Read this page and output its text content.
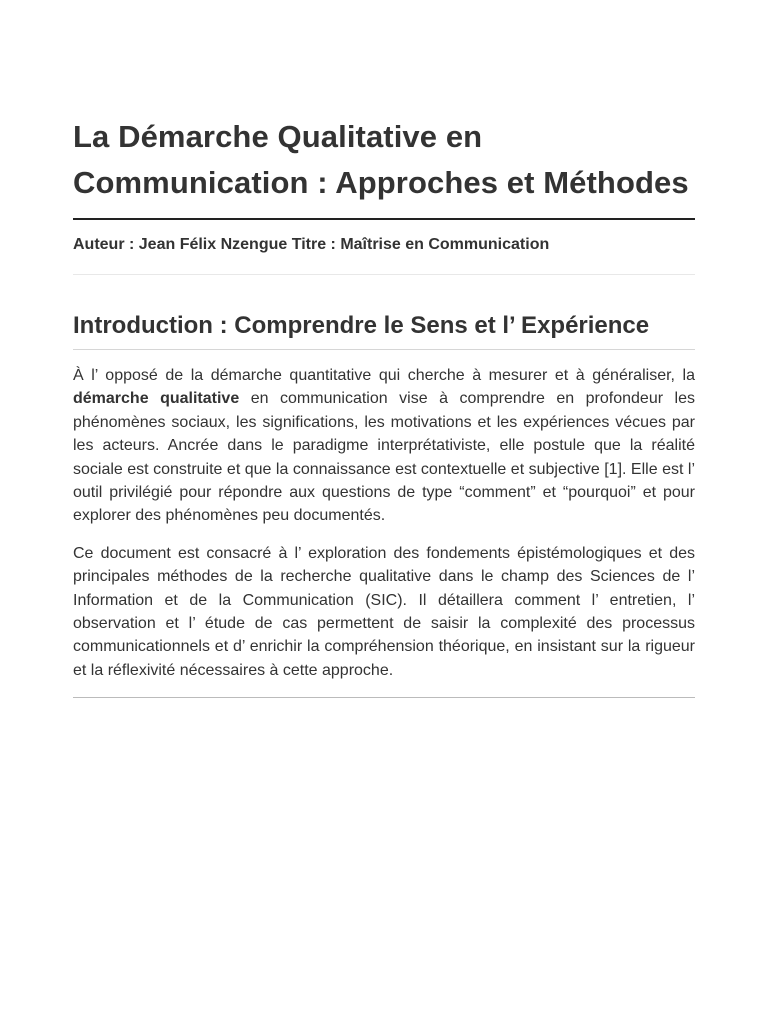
La Démarche Qualitative en Communication : Approches et Méthodes
Auteur : Jean Félix Nzengue Titre : Maîtrise en Communication
Introduction : Comprendre le Sens et l’ Expérience

À l’ opposé de la démarche quantitative qui cherche à mesurer et à généraliser, la démarche qualitative en communication vise à comprendre en profondeur les phénomènes sociaux, les significations, les motivations et les expériences vécues par les acteurs. Ancrée dans le paradigme interprétativiste, elle postule que la réalité sociale est construite et que la connaissance est contextuelle et subjective [1]. Elle est l’ outil privilégié pour répondre aux questions de type “comment” et “pourquoi” et pour explorer des phénomènes peu documentés.

Ce document est consacré à l’ exploration des fondements épistémologiques et des principales méthodes de la recherche qualitative dans le champ des Sciences de l’ Information et de la Communication (SIC). Il détaillera comment l’ entretien, l’ observation et l’ étude de cas permettent de saisir la complexité des processus communicationnels et d’ enrichir la compréhension théorique, en insistant sur la rigueur et la réflexivité nécessaires à cette approche.
